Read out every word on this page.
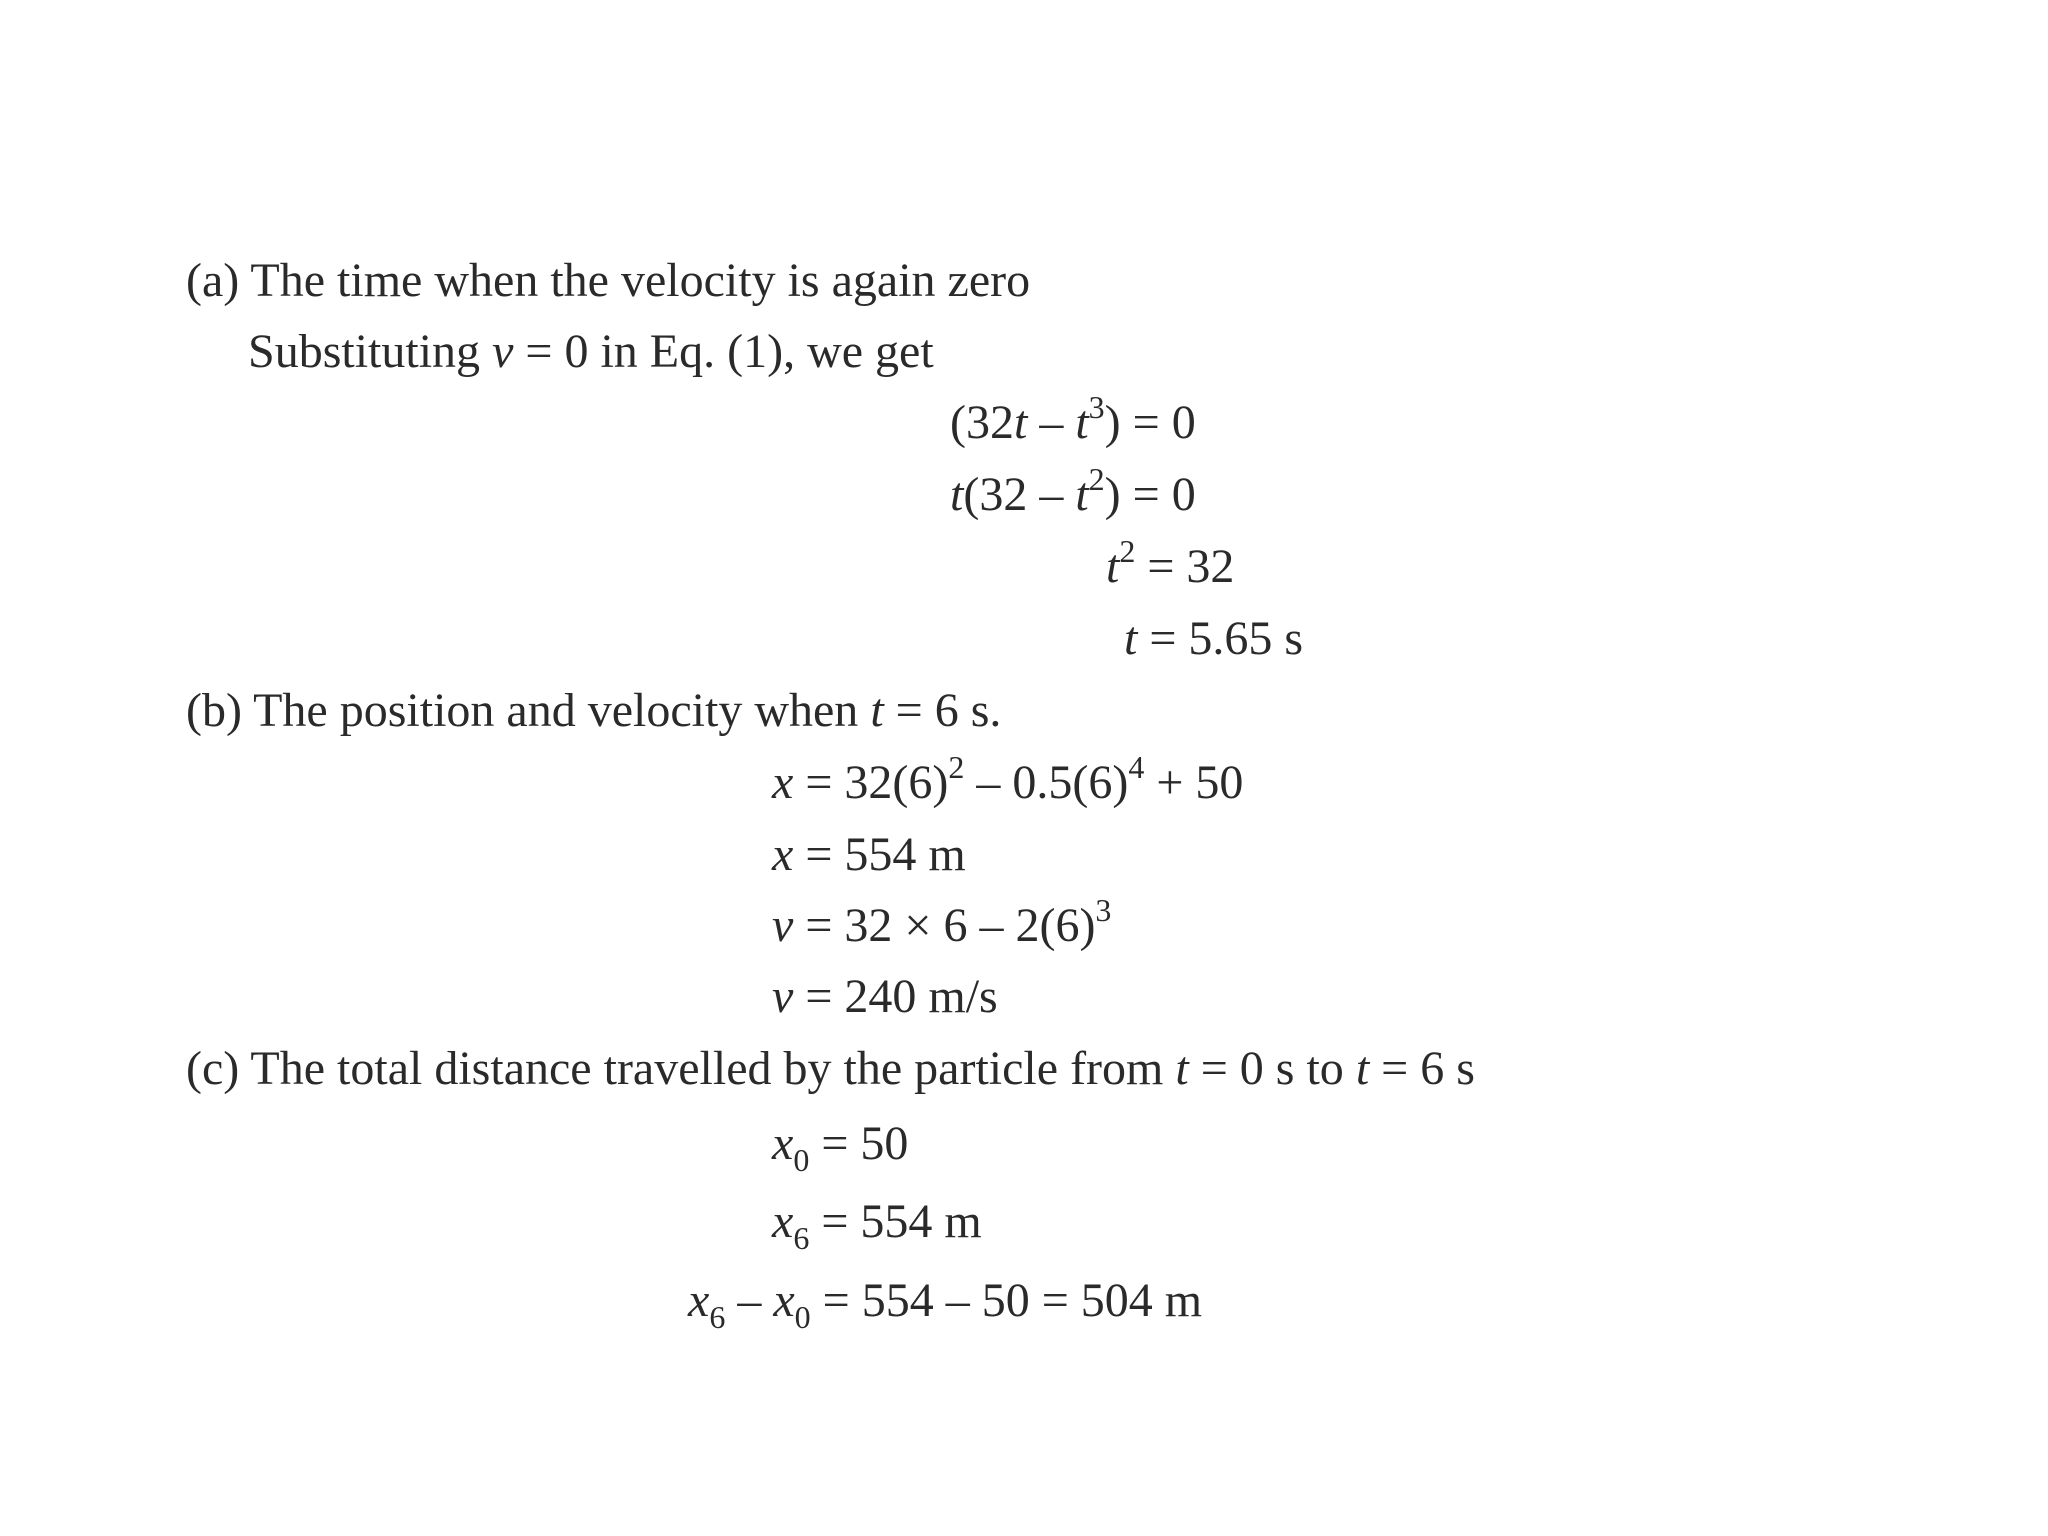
(a) The time when the velocity is again zero
Substituting v = 0 in Eq. (1), we get
$(32t - t^3) = 0$
$t(32 - t^2) = 0$
$t^2 = 32$
t = 5.65 s
(b) The position and velocity when t = 6 s.
$x = 32(6)^2 - 0.5(6)^4 + 50$
x = 554 m
$v = 32 \times 6 - 2(6)^3$
v = 240 m/s
(c) The total distance travelled by the particle from t = 0 s to t = 6 s
$x_0 = 50$
$x_6 = 554$ m
$x_6 - x_0 = 554 - 50 = 504$ m
